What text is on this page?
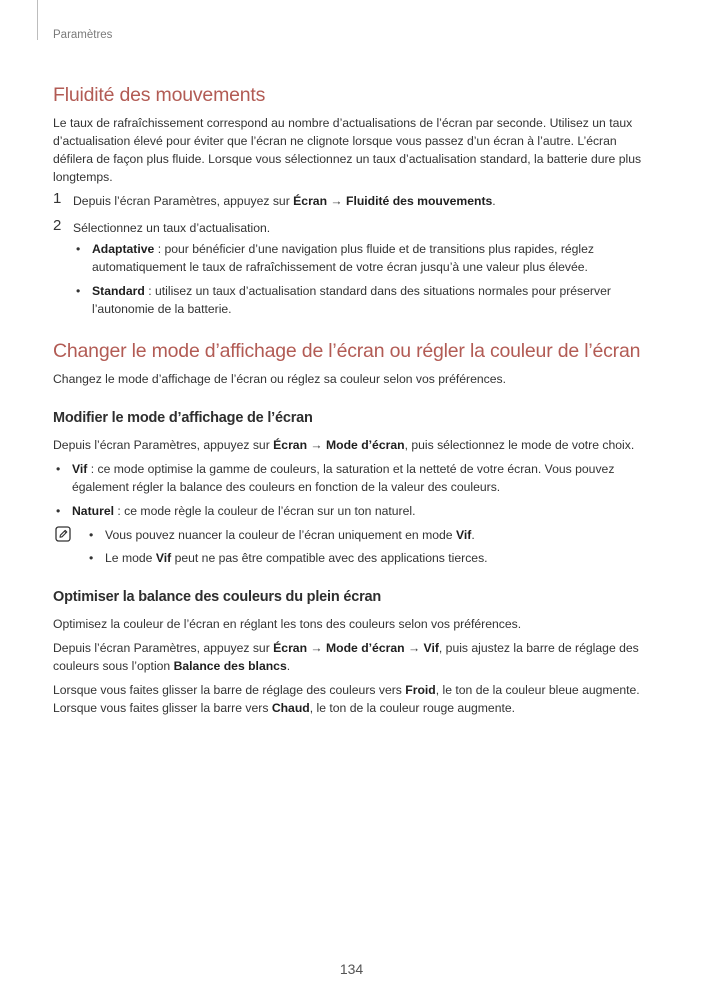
Paramètres
Fluidité des mouvements

Le taux de rafraîchissement correspond au nombre d’actualisations de l’écran par seconde. Utilisez un taux d’actualisation élevé pour éviter que l’écran ne clignote lorsque vous passez d’un écran à l’autre. L’écran défilera de façon plus fluide. Lorsque vous sélectionnez un taux d’actualisation standard, la batterie dure plus longtemps.

1 Depuis l’écran Paramètres, appuyez sur Écran → Fluidité des mouvements.
2 Sélectionnez un taux d’actualisation.
• Adaptative : pour bénéficier d’une navigation plus fluide et de transitions plus rapides, réglez automatiquement le taux de rafraîchissement de votre écran jusqu’à une valeur plus élevée.
• Standard : utilisez un taux d’actualisation standard dans des situations normales pour préserver l’autonomie de la batterie.
Changer le mode d’affichage de l’écran ou régler la couleur de l’écran

Changez le mode d’affichage de l’écran ou réglez sa couleur selon vos préférences.

Modifier le mode d’affichage de l’écran

Depuis l’écran Paramètres, appuyez sur Écran → Mode d’écran, puis sélectionnez le mode de votre choix.

• Vif : ce mode optimise la gamme de couleurs, la saturation et la netteté de votre écran. Vous pouvez également régler la balance des couleurs en fonction de la valeur des couleurs.
• Naturel : ce mode règle la couleur de l’écran sur un ton naturel.
• Vous pouvez nuancer la couleur de l’écran uniquement en mode Vif.
• Le mode Vif peut ne pas être compatible avec des applications tierces.
Optimiser la balance des couleurs du plein écran

Optimisez la couleur de l’écran en réglant les tons des couleurs selon vos préférences.

Depuis l’écran Paramètres, appuyez sur Écran → Mode d’écran → Vif, puis ajustez la barre de réglage des couleurs sous l’option Balance des blancs.

Lorsque vous faites glisser la barre de réglage des couleurs vers Froid, le ton de la couleur bleue augmente. Lorsque vous faites glisser la barre vers Chaud, le ton de la couleur rouge augmente.

134
